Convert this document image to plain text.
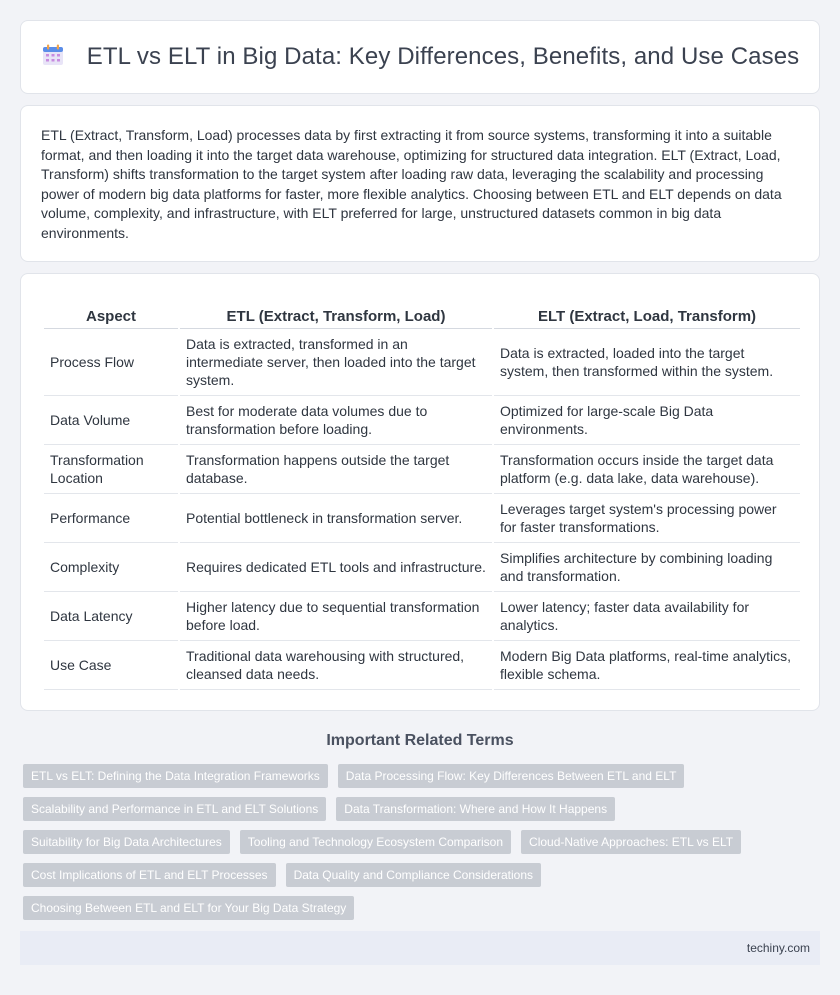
ETL vs ELT in Big Data: Key Differences, Benefits, and Use Cases

ETL (Extract, Transform, Load) processes data by first extracting it from source systems, transforming it into a suitable format, and then loading it into the target data warehouse, optimizing for structured data integration. ELT (Extract, Load, Transform) shifts transformation to the target system after loading raw data, leveraging the scalability and processing power of modern big data platforms for faster, more flexible analytics. Choosing between ETL and ELT depends on data volume, complexity, and infrastructure, with ELT preferred for large, unstructured datasets common in big data environments.

Aspect	ETL (Extract, Transform, Load)	ELT (Extract, Load, Transform)
Process Flow	Data is extracted, transformed in an intermediate server, then loaded into the target system.	Data is extracted, loaded into the target system, then transformed within the system.
Data Volume	Best for moderate data volumes due to transformation before loading.	Optimized for large-scale Big Data environments.
Transformation Location	Transformation happens outside the target database.	Transformation occurs inside the target data platform (e.g. data lake, data warehouse).
Performance	Potential bottleneck in transformation server.	Leverages target system's processing power for faster transformations.
Complexity	Requires dedicated ETL tools and infrastructure.	Simplifies architecture by combining loading and transformation.
Data Latency	Higher latency due to sequential transformation before load.	Lower latency; faster data availability for analytics.
Use Case	Traditional data warehousing with structured, cleansed data needs.	Modern Big Data platforms, real-time analytics, flexible schema.
Important Related Terms
ETL vs ELT: Defining the Data Integration Frameworks	Data Processing Flow: Key Differences Between ETL and ELT
Scalability and Performance in ETL and ELT Solutions	Data Transformation: Where and How It Happens
Suitability for Big Data Architectures	Tooling and Technology Ecosystem Comparison	Cloud-Native Approaches: ETL vs ELT
Cost Implications of ETL and ELT Processes	Data Quality and Compliance Considerations
Choosing Between ETL and ELT for Your Big Data Strategy
techiny.com
